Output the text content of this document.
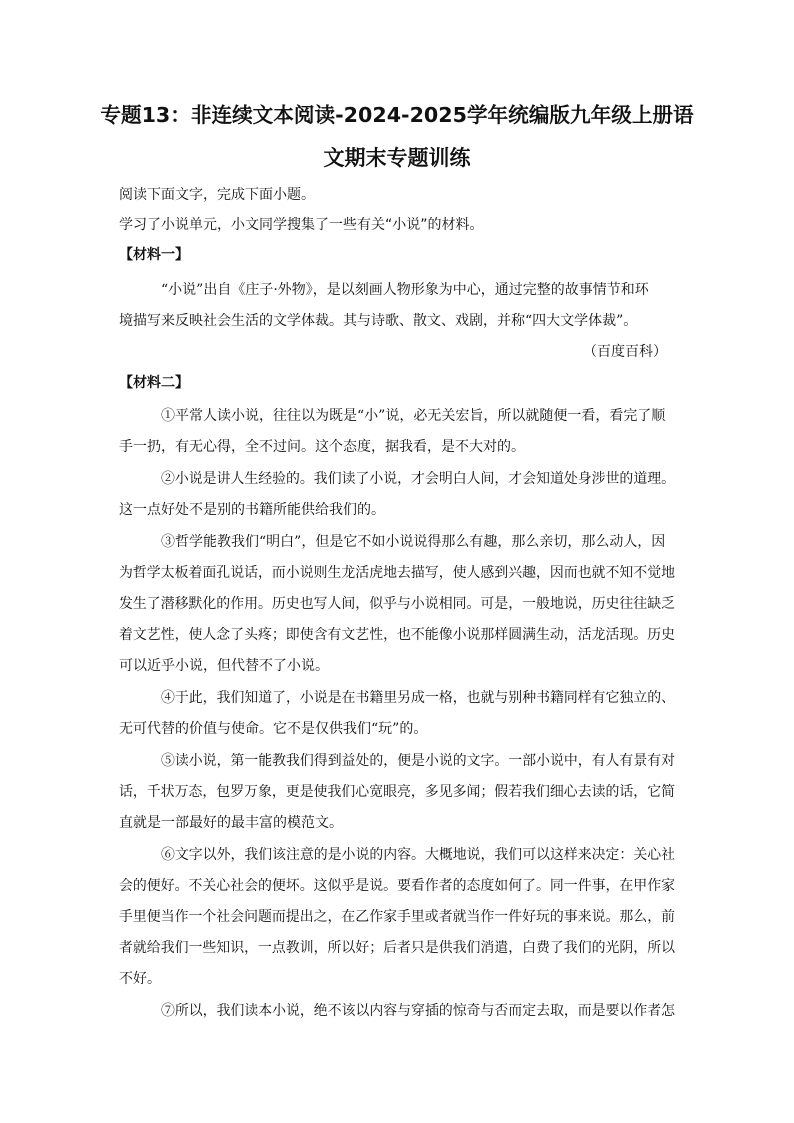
专题13：非连续文本阅读-2024-2025学年统编版九年级上册语
文期末专题训练
阅读下面文字，完成下面小题。
学习了小说单元，小文同学搜集了一些有关“小说”的材料。
【材料一】
“小说”出自《庄子·外物》，是以刻画人物形象为中心，通过完整的故事情节和环
境描写来反映社会生活的文学体裁。其与诗歌、散文、戏剧，并称“四大文学体裁”。
（百度百科）
【材料二】
①平常人读小说，往往以为既是“小”说，必无关宏旨，所以就随便一看，看完了顺
手一扔，有无心得，全不过问。这个态度，据我看，是不大对的。
②小说是讲人生经验的。我们读了小说，才会明白人间，才会知道处身涉世的道理。
这一点好处不是别的书籍所能供给我们的。
③哲学能教我们“明白”，但是它不如小说说得那么有趣，那么亲切，那么动人，因
为哲学太板着面孔说话，而小说则生龙活虎地去描写，使人感到兴趣，因而也就不知不觉地
发生了潜移默化的作用。历史也写人间，似乎与小说相同。可是，一般地说，历史往往缺乏
着文艺性，使人念了头疼；即使含有文艺性，也不能像小说那样圆满生动，活龙活现。历史
可以近乎小说，但代替不了小说。
④于此，我们知道了，小说是在书籍里另成一格，也就与别种书籍同样有它独立的、
无可代替的价值与使命。它不是仅供我们“玩”的。
⑤读小说，第一能教我们得到益处的，便是小说的文字。一部小说中，有人有景有对
话，千状万态，包罗万象，更是使我们心宽眼亮，多见多闻；假若我们细心去读的话，它简
直就是一部最好的最丰富的模范文。
⑥文字以外，我们该注意的是小说的内容。大概地说，我们可以这样来决定：关心社
会的便好。不关心社会的便坏。这似乎是说。要看作者的态度如何了。同一件事，在甲作家
手里便当作一个社会问题而提出之，在乙作家手里或者就当作一件好玩的事来说。那么，前
者就给我们一些知识，一点教训，所以好；后者只是供我们消遣，白费了我们的光阴，所以
不好。
⑦所以，我们读本小说，绝不该以内容与穿插的惊奇与否而定去取，而是要以作者怎
